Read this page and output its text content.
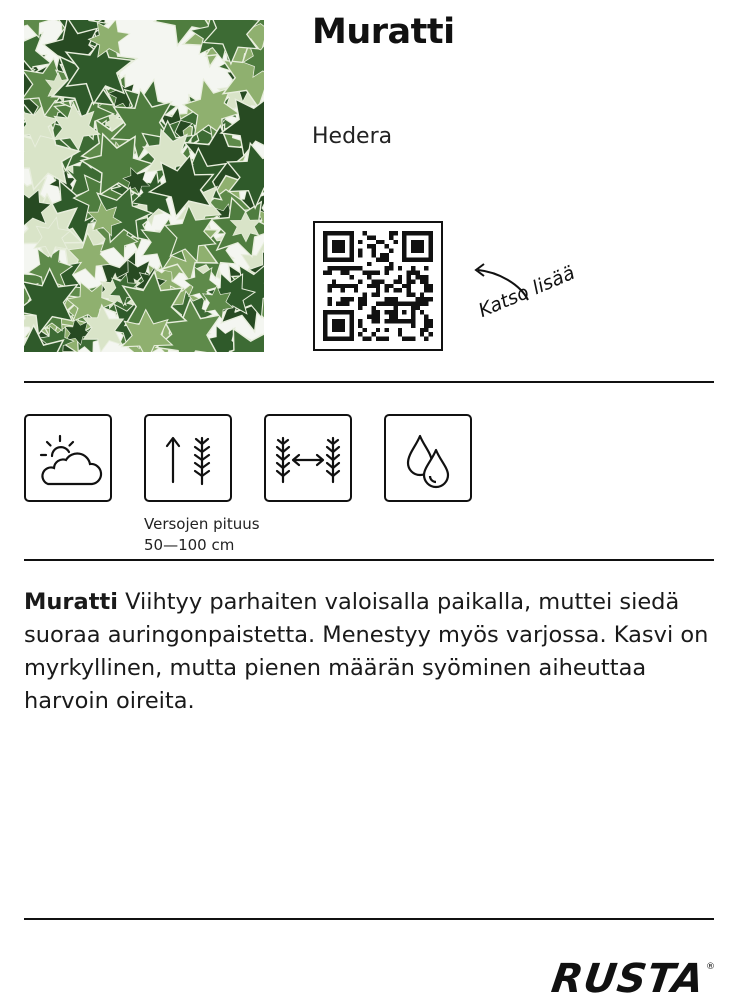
Muratti
Hedera
Katso lisää
Versojen pituus
50—100 cm
Muratti Viihtyy parhaiten valoisalla paikalla, muttei siedä suoraa auringonpaistetta. Menestyy myös varjossa. Kasvi on myrkyllinen, mutta pienen määrän syöminen aiheuttaa harvoin oireita.
RUSTA
®
